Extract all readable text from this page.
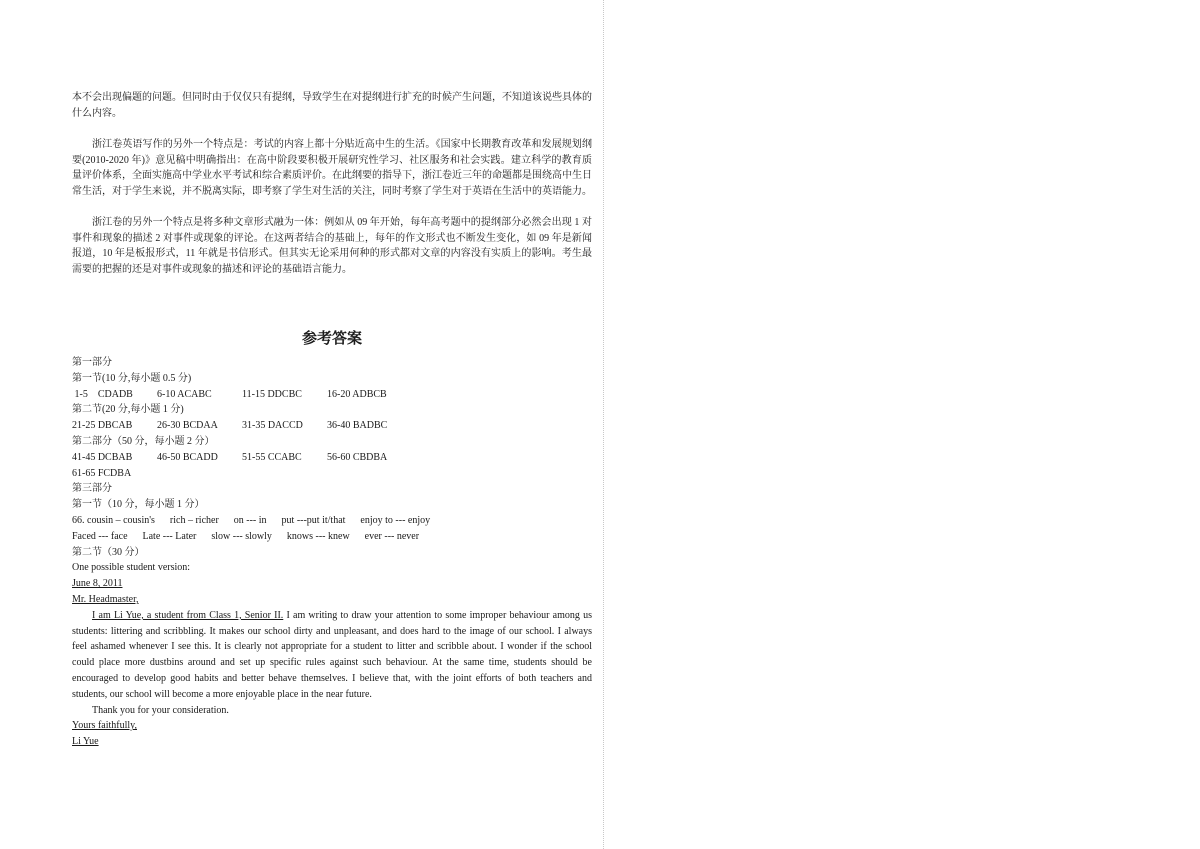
本不会出现偏题的问题。但同时由于仅仅只有提纲，导致学生在对提纲进行扩充的时候产生问题，不知道该说些具体的什么内容。

浙江卷英语写作的另外一个特点是：考试的内容上都十分贴近高中生的生活。《国家中长期教育改革和发展规划纲要(2010-2020 年)》意见稿中明确指出：在高中阶段要积极开展研究性学习、社区服务和社会实践。建立科学的教育质量评价体系，全面实施高中学业水平考试和综合素质评价。在此纲要的指导下，浙江卷近三年的命题都是围绕高中生日常生活，对于学生来说，并不脱离实际，即考察了学生对生活的关注，同时考察了学生对于英语在生活中的英语能力。

浙江卷的另外一个特点是将多种文章形式融为一体：例如从 09 年开始，每年高考题中的提纲部分必然会出现 1 对事件和现象的描述 2 对事件或现象的评论。在这两者结合的基础上，每年的作文形式也不断发生变化，如 09 年是新闻报道，10 年是板报形式，11 年就是书信形式。但其实无论采用何种的形式都对文章的内容没有实质上的影响。考生最需要的把握的还是对事件或现象的描述和评论的基础语言能力。

参考答案

第一部分

第一节(10 分,每小题 0.5 分)

1-5    CDADB	6-10 ACABC	11-15 DDCBC	16-20 ADBCB

第二节(20 分,每小题 1 分)

21-25 DBCAB	26-30 BCDAA	31-35 DACCD	36-40 BADBC

第二部分（50 分，每小题 2 分）

41-45 DCBAB	46-50 BCADD	51-55 CCABC	56-60 CBDBA

61-65 FCDBA

第三部分

第一节（10 分，每小题 1 分）

66. cousin – cousin's      rich – richer      on --- in      put ---put it/that      enjoy to --- enjoy

Faced --- face      Late --- Later      slow --- slowly      knows --- knew      ever --- never

第二节（30 分）

One possible student version:

June 8, 2011

Mr. Headmaster,

I am Li Yue, a student from Class 1, Senior II. I am writing to draw your attention to some improper behaviour among us students: littering and scribbling. It makes our school dirty and unpleasant, and does hard to the image of our school. I always feel ashamed whenever I see this. It is clearly not appropriate for a student to litter and scribble about. I wonder if the school could place more dustbins around and set up specific rules against such behaviour. At the same time, students should be encouraged to develop good habits and better behave themselves. I believe that, with the joint efforts of both teachers and students, our school will become a more enjoyable place in the near future.

Thank you for your consideration.

Yours faithfully,

Li Yue
